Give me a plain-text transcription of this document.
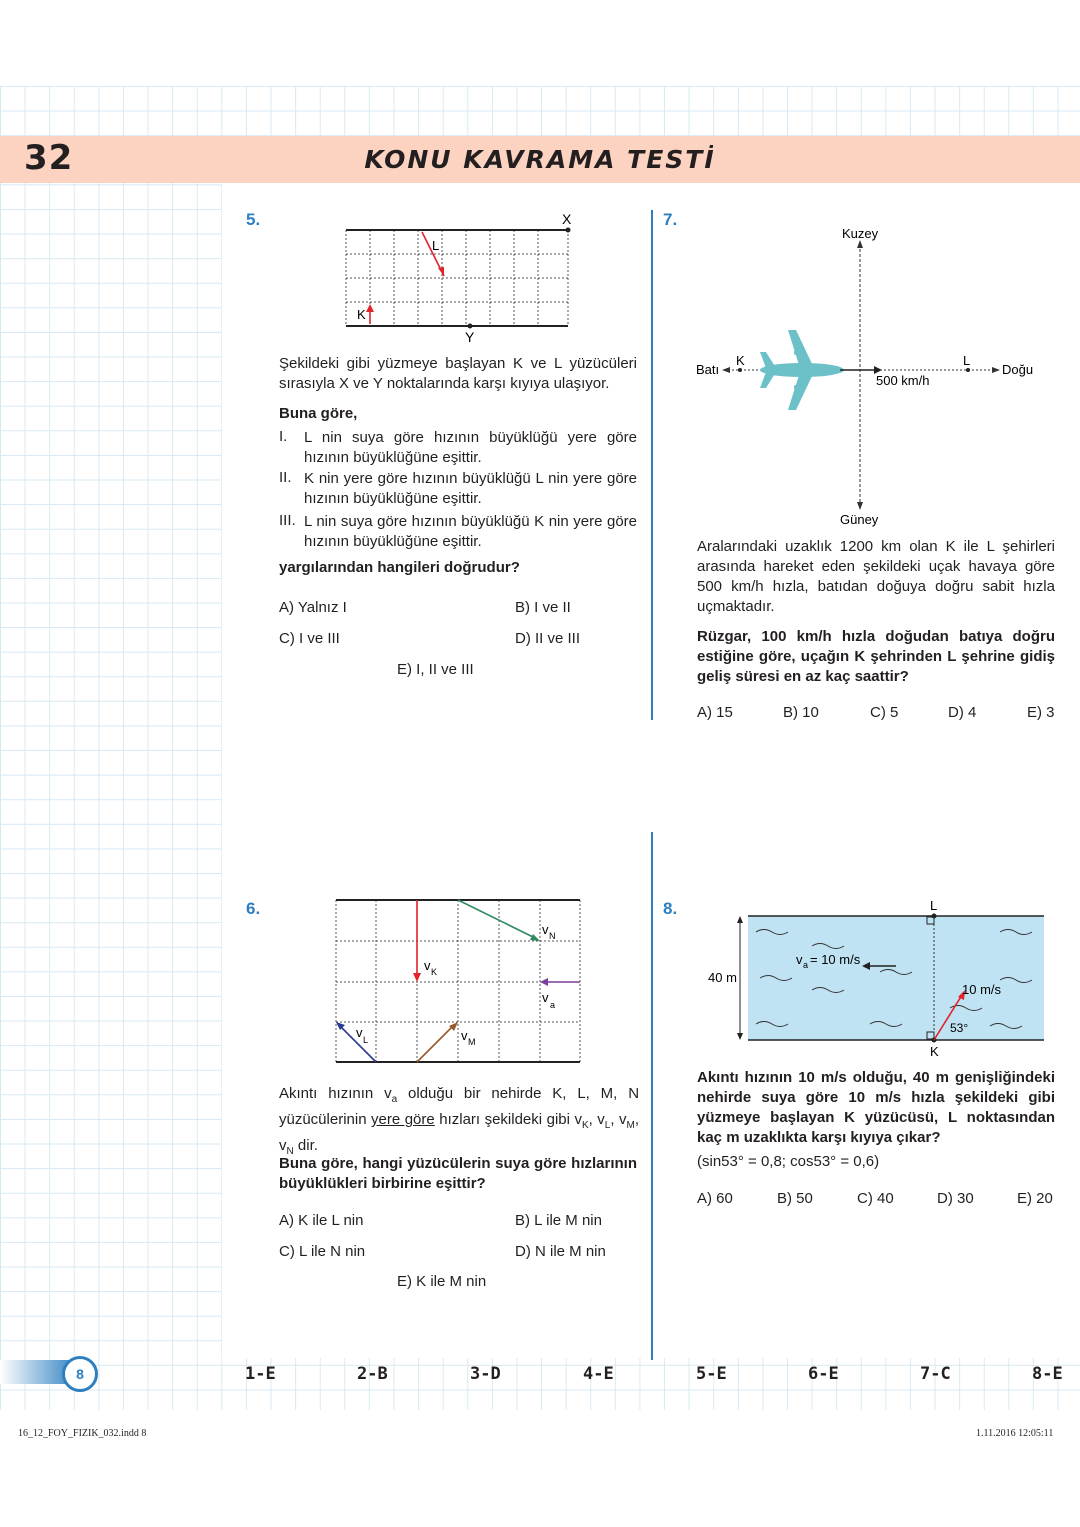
32	KONU KAVRAMA TESTİ
5.	X
Y
L
K
Şekildeki gibi yüzmeye başlayan K ve L yüzücüleri sırasıyla X ve Y noktalarında karşı kıyıya ulaşıyor.
Buna göre,
I. L nin suya göre hızının büyüklüğü yere göre hızının büyüklüğüne eşittir.
II. K nin yere göre hızının büyüklüğü L nin yere göre hızının büyüklüğüne eşittir.
III. L nin suya göre hızının büyüklüğü K nin yere göre hızının büyüklüğüne eşittir.
yargılarından hangileri doğrudur?
A) Yalnız I	B) I ve II
C) I ve III	D) II ve III
E) I, II ve III
7.
Kuzey
Güney
Batı	Doğu
K	L
500 km/h
Aralarındaki uzaklık 1200 km olan K ile L şehirleri arasında hareket eden şekildeki uçak havaya göre 500 km/h hızla, batıdan doğuya doğru sabit hızla uçmaktadır.
Rüzgar, 100 km/h hızla doğudan batıya doğru estiğine göre, uçağın K şehrinden L şehrine gidiş geliş süresi en az kaç saattir?
A) 15	B) 10	C) 5	D) 4	E) 3
6.
v K
v N
v a
v L	v M
Akıntı hızının $v_a$ olduğu bir nehirde K, L, M, N yüzücülerinin yere göre hızları şekildeki gibi $v_K$, $v_L$, $v_M$, $v_N$ dir.
Buna göre, hangi yüzücülerin suya göre hızlarının büyüklükleri birbirine eşittir?
A) K ile L nin	B) L ile M nin
C) L ile N nin	D) N ile M nin
E) K ile M nin
8.
40 m
L
K
v a = 10 m/s
10 m/s
53°
Akıntı hızının 10 m/s olduğu, 40 m genişliğindeki nehirde suya göre 10 m/s hızla şekildeki gibi yüzmeye başlayan K yüzücüsü, L noktasından kaç m uzaklıkta karşı kıyıya çıkar?
(sin53° = 0,8; cos53° = 0,6)
A) 60	B) 50	C) 40	D) 30	E) 20
8	1-E	2-B	3-D	4-E	5-E	6-E	7-C	8-E
16_12_FOY_FIZIK_032.indd 8	1.11.2016 12:05:11
